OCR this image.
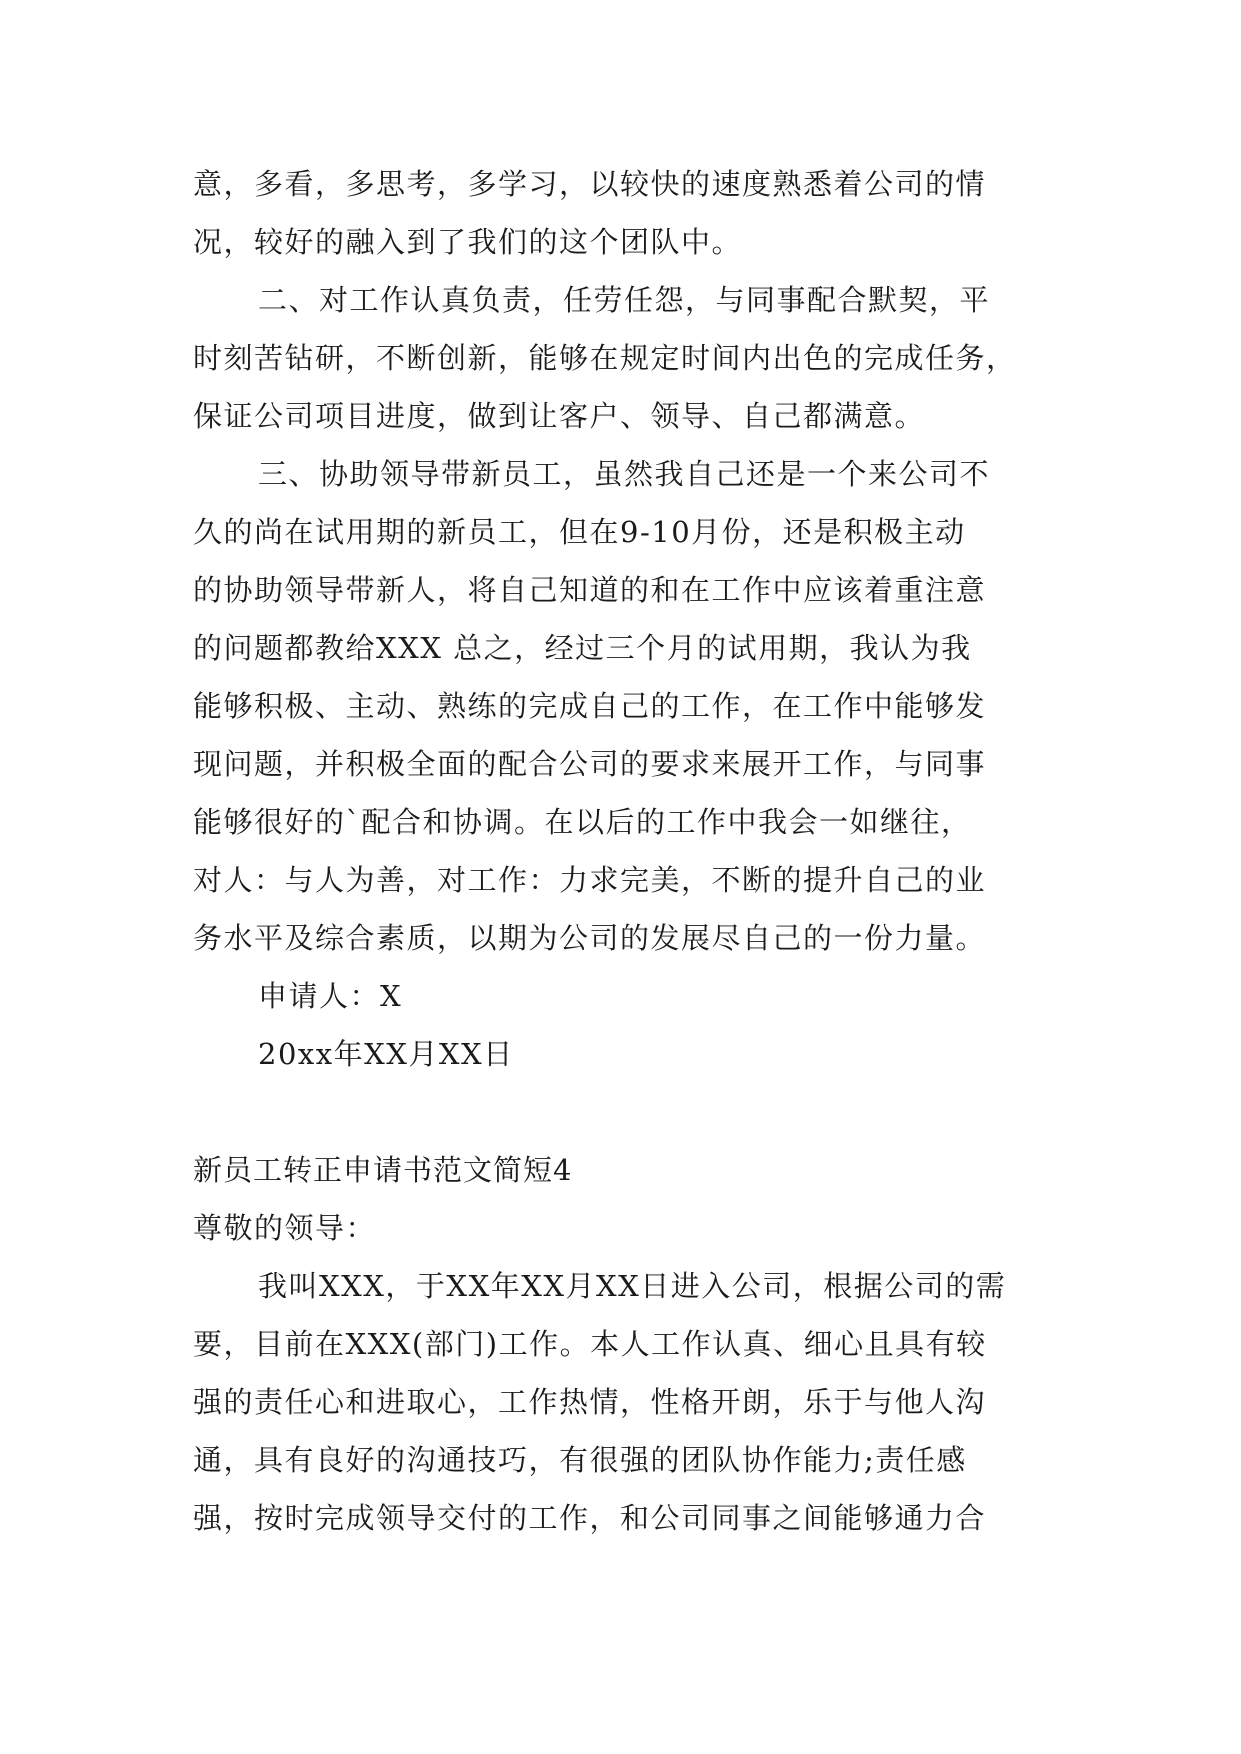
意，多看，多思考，多学习，以较快的速度熟悉着公司的情
况，较好的融入到了我们的这个团队中。
二、对工作认真负责，任劳任怨，与同事配合默契，平
时刻苦钻研，不断创新，能够在规定时间内出色的完成任务，
保证公司项目进度，做到让客户、领导、自己都满意。
三、协助领导带新员工，虽然我自己还是一个来公司不
久的尚在试用期的新员工，但在9-10月份，还是积极主动
的协助领导带新人，将自己知道的和在工作中应该着重注意
的问题都教给XXX 总之，经过三个月的试用期，我认为我
能够积极、主动、熟练的完成自己的工作，在工作中能够发
现问题，并积极全面的配合公司的要求来展开工作，与同事
能够很好的`配合和协调。在以后的工作中我会一如继往，
对人：与人为善，对工作：力求完美，不断的提升自己的业
务水平及综合素质，以期为公司的发展尽自己的一份力量。
申请人：X
20xx年XX月XX日
新员工转正申请书范文简短4
尊敬的领导：
我叫XXX，于XX年XX月XX日进入公司，根据公司的需
要，目前在XXX(部门)工作。本人工作认真、细心且具有较
强的责任心和进取心，工作热情，性格开朗，乐于与他人沟
通，具有良好的沟通技巧，有很强的团队协作能力;责任感
强，按时完成领导交付的工作，和公司同事之间能够通力合
